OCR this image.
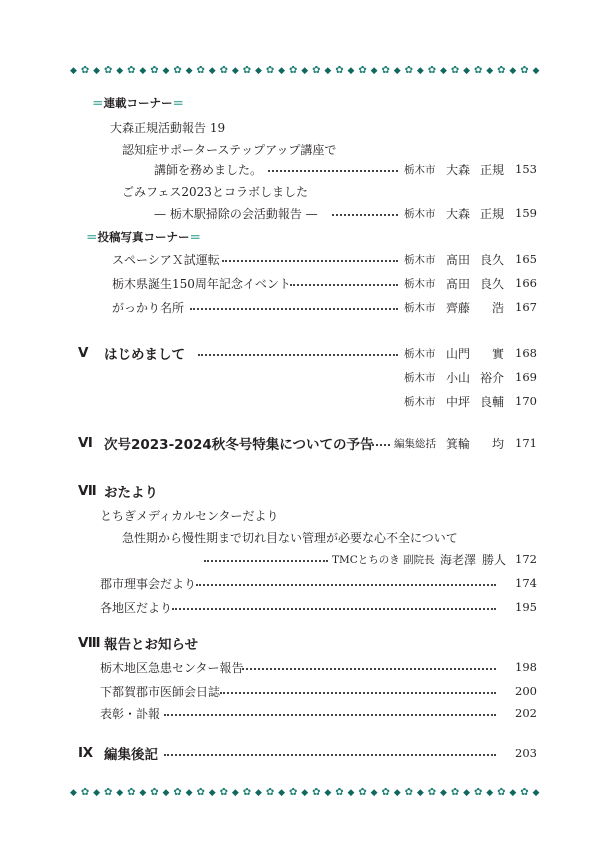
◆ ✿ ◆ ✿ ◆ ✿ ◆ ✿ ◆ ✿ ◆ ✿ ◆ ✿ ◆ ✿ ◆ ✿ ◆ ✿ ◆ ✿ ◆ ✿ ◆ ✿ ◆ ✿ ◆ ✿ ◆ ✿ ◆ ✿ ◆ ✿ ◆ ✿ ◆ ✿ ◆
＝連載コーナー＝
大森正規活動報告 19
認知症サポーターステップアップ講座で
講師を務めました。	栃木市 大森 正規 153
ごみフェス2023とコラボしました
— 栃木駅掃除の会活動報告 —	栃木市 大森 正規 159
＝投稿写真コーナー＝
スペーシアＸ試運転	栃木市 髙田 良久 165
栃木県誕生150周年記念イベント	栃木市 髙田 良久 166
がっかり名所	栃木市 齊藤 浩 167
Ⅴ はじめまして	栃木市 山門 實 168
栃木市 小山 裕介 169
栃木市 中坪 良輔 170
Ⅵ 次号2023-2024秋冬号特集についての予告 編集総括 箕輪 均 171
Ⅶ おたより
とちぎメディカルセンターだより
急性期から慢性期まで切れ目ない管理が必要な心不全について
TMCとちのき 副院長 海老澤 勝人 172
郡市理事会だより	174
各地区だより	195
Ⅷ 報告とお知らせ
栃木地区急患センター報告	198
下都賀郡市医師会日誌	200
表彰・訃報	202
Ⅸ 編集後記	203
◆ ✿ ◆ ✿ ◆ ✿ ◆ ✿ ◆ ✿ ◆ ✿ ◆ ✿ ◆ ✿ ◆ ✿ ◆ ✿ ◆ ✿ ◆ ✿ ◆ ✿ ◆ ✿ ◆ ✿ ◆ ✿ ◆ ✿ ◆ ✿ ◆ ✿ ◆ ✿ ◆
